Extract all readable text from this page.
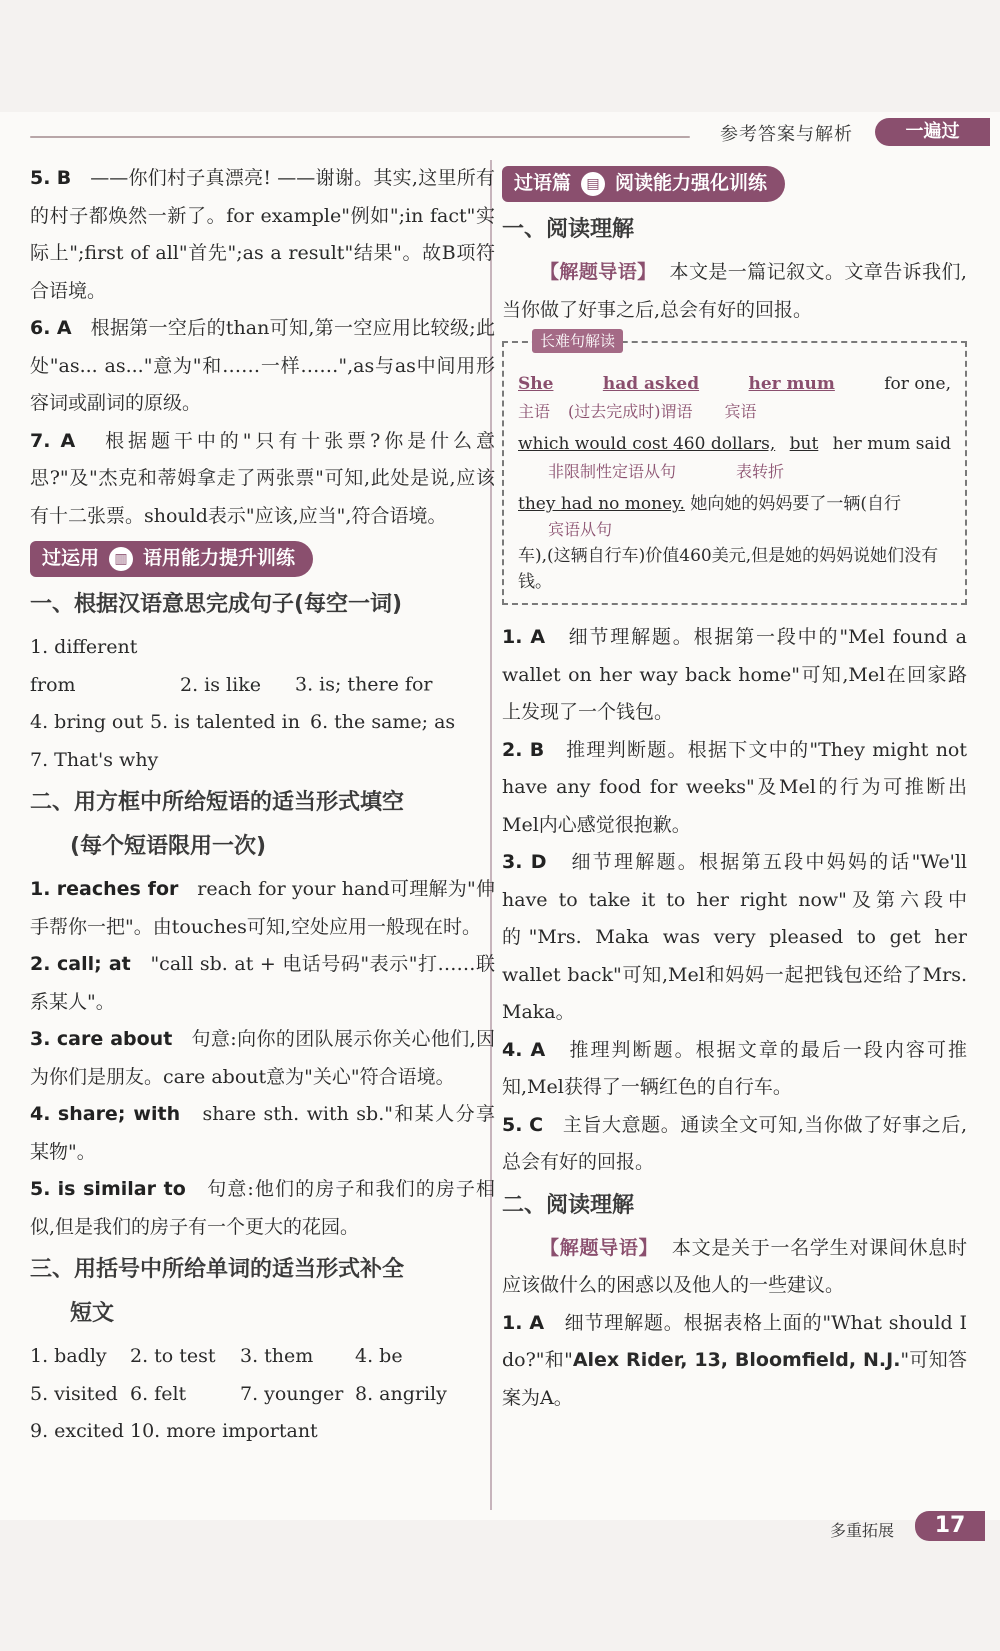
参考答案与解析	一遍过

5. B ——你们村子真漂亮! ——谢谢。其实,这里所有的村子都焕然一新了。for example"例如";in fact"实际上";first of all"首先";as a result"结果"。故B项符合语境。

6. A 根据第一空后的than可知,第一空应用比较级;此处"as... as..."意为"和……一样……",as与as中间用形容词或副词的原级。

7. A 根据题干中的"只有十张票?你是什么意思?"及"杰克和蒂姆拿走了两张票"可知,此处是说,应该有十二张票。should表示"应该,应当",符合语境。

过运用	▥ 语用能力提升训练
一、根据汉语意思完成句子(每空一词)
1. different from	2. is like 3. is; there for
4. bring out 5. is talented in 6. the same; as
7. That's why
二、用方框中所给短语的适当形式填空
(每个短语限用一次)

1. reaches for reach for your hand可理解为"伸手帮你一把"。由touches可知,空处应用一般现在时。

2. call; at "call sb. at + 电话号码"表示"打……联系某人"。

3. care about 句意:向你的团队展示你关心他们,因为你们是朋友。care about意为"关心"符合语境。

4. share; with share sth. with sb."和某人分享某物"。

5. is similar to 句意:他们的房子和我们的房子相似,但是我们的房子有一个更大的花园。

三、用括号中所给单词的适当形式补全
短文
1. badly 2. to test 3. them 4. be
5. visited 6. felt	7. younger 8. angrily
9. excited 10. more important
过语篇	▤ 阅读能力强化训练
一、阅读理解

【解题导语】 本文是一篇记叙文。文章告诉我们,当你做了好事之后,总会有好的回报。

长难句解读
She	had asked	her mum	for one,
主语 (过去完成时)谓语 宾语
which would cost 460 dollars, but her mum said
非限制性定语从句	表转折
they had no money. 她向她的妈妈要了一辆(自行
宾语从句
车),(这辆自行车)价值460美元,但是她的妈妈说她们没有钱。

1. A 细节理解题。根据第一段中的"Mel found a wallet on her way back home"可知,Mel在回家路上发现了一个钱包。

2. B 推理判断题。根据下文中的"They might not have any food for weeks"及Mel的行为可推断出Mel内心感觉很抱歉。

3. D 细节理解题。根据第五段中妈妈的话"We'll have to take it to her right now"及第六段中的"Mrs. Maka was very pleased to get her wallet back"可知,Mel和妈妈一起把钱包还给了Mrs. Maka。

4. A 推理判断题。根据文章的最后一段内容可推知,Mel获得了一辆红色的自行车。

5. C 主旨大意题。通读全文可知,当你做了好事之后,总会有好的回报。

二、阅读理解

【解题导语】 本文是关于一名学生对课间休息时应该做什么的困惑以及他人的一些建议。

1. A 细节理解题。根据表格上面的"What should I do?"和"Alex Rider, 13, Bloomfield, N.J."可知答案为A。

多重拓展	17
